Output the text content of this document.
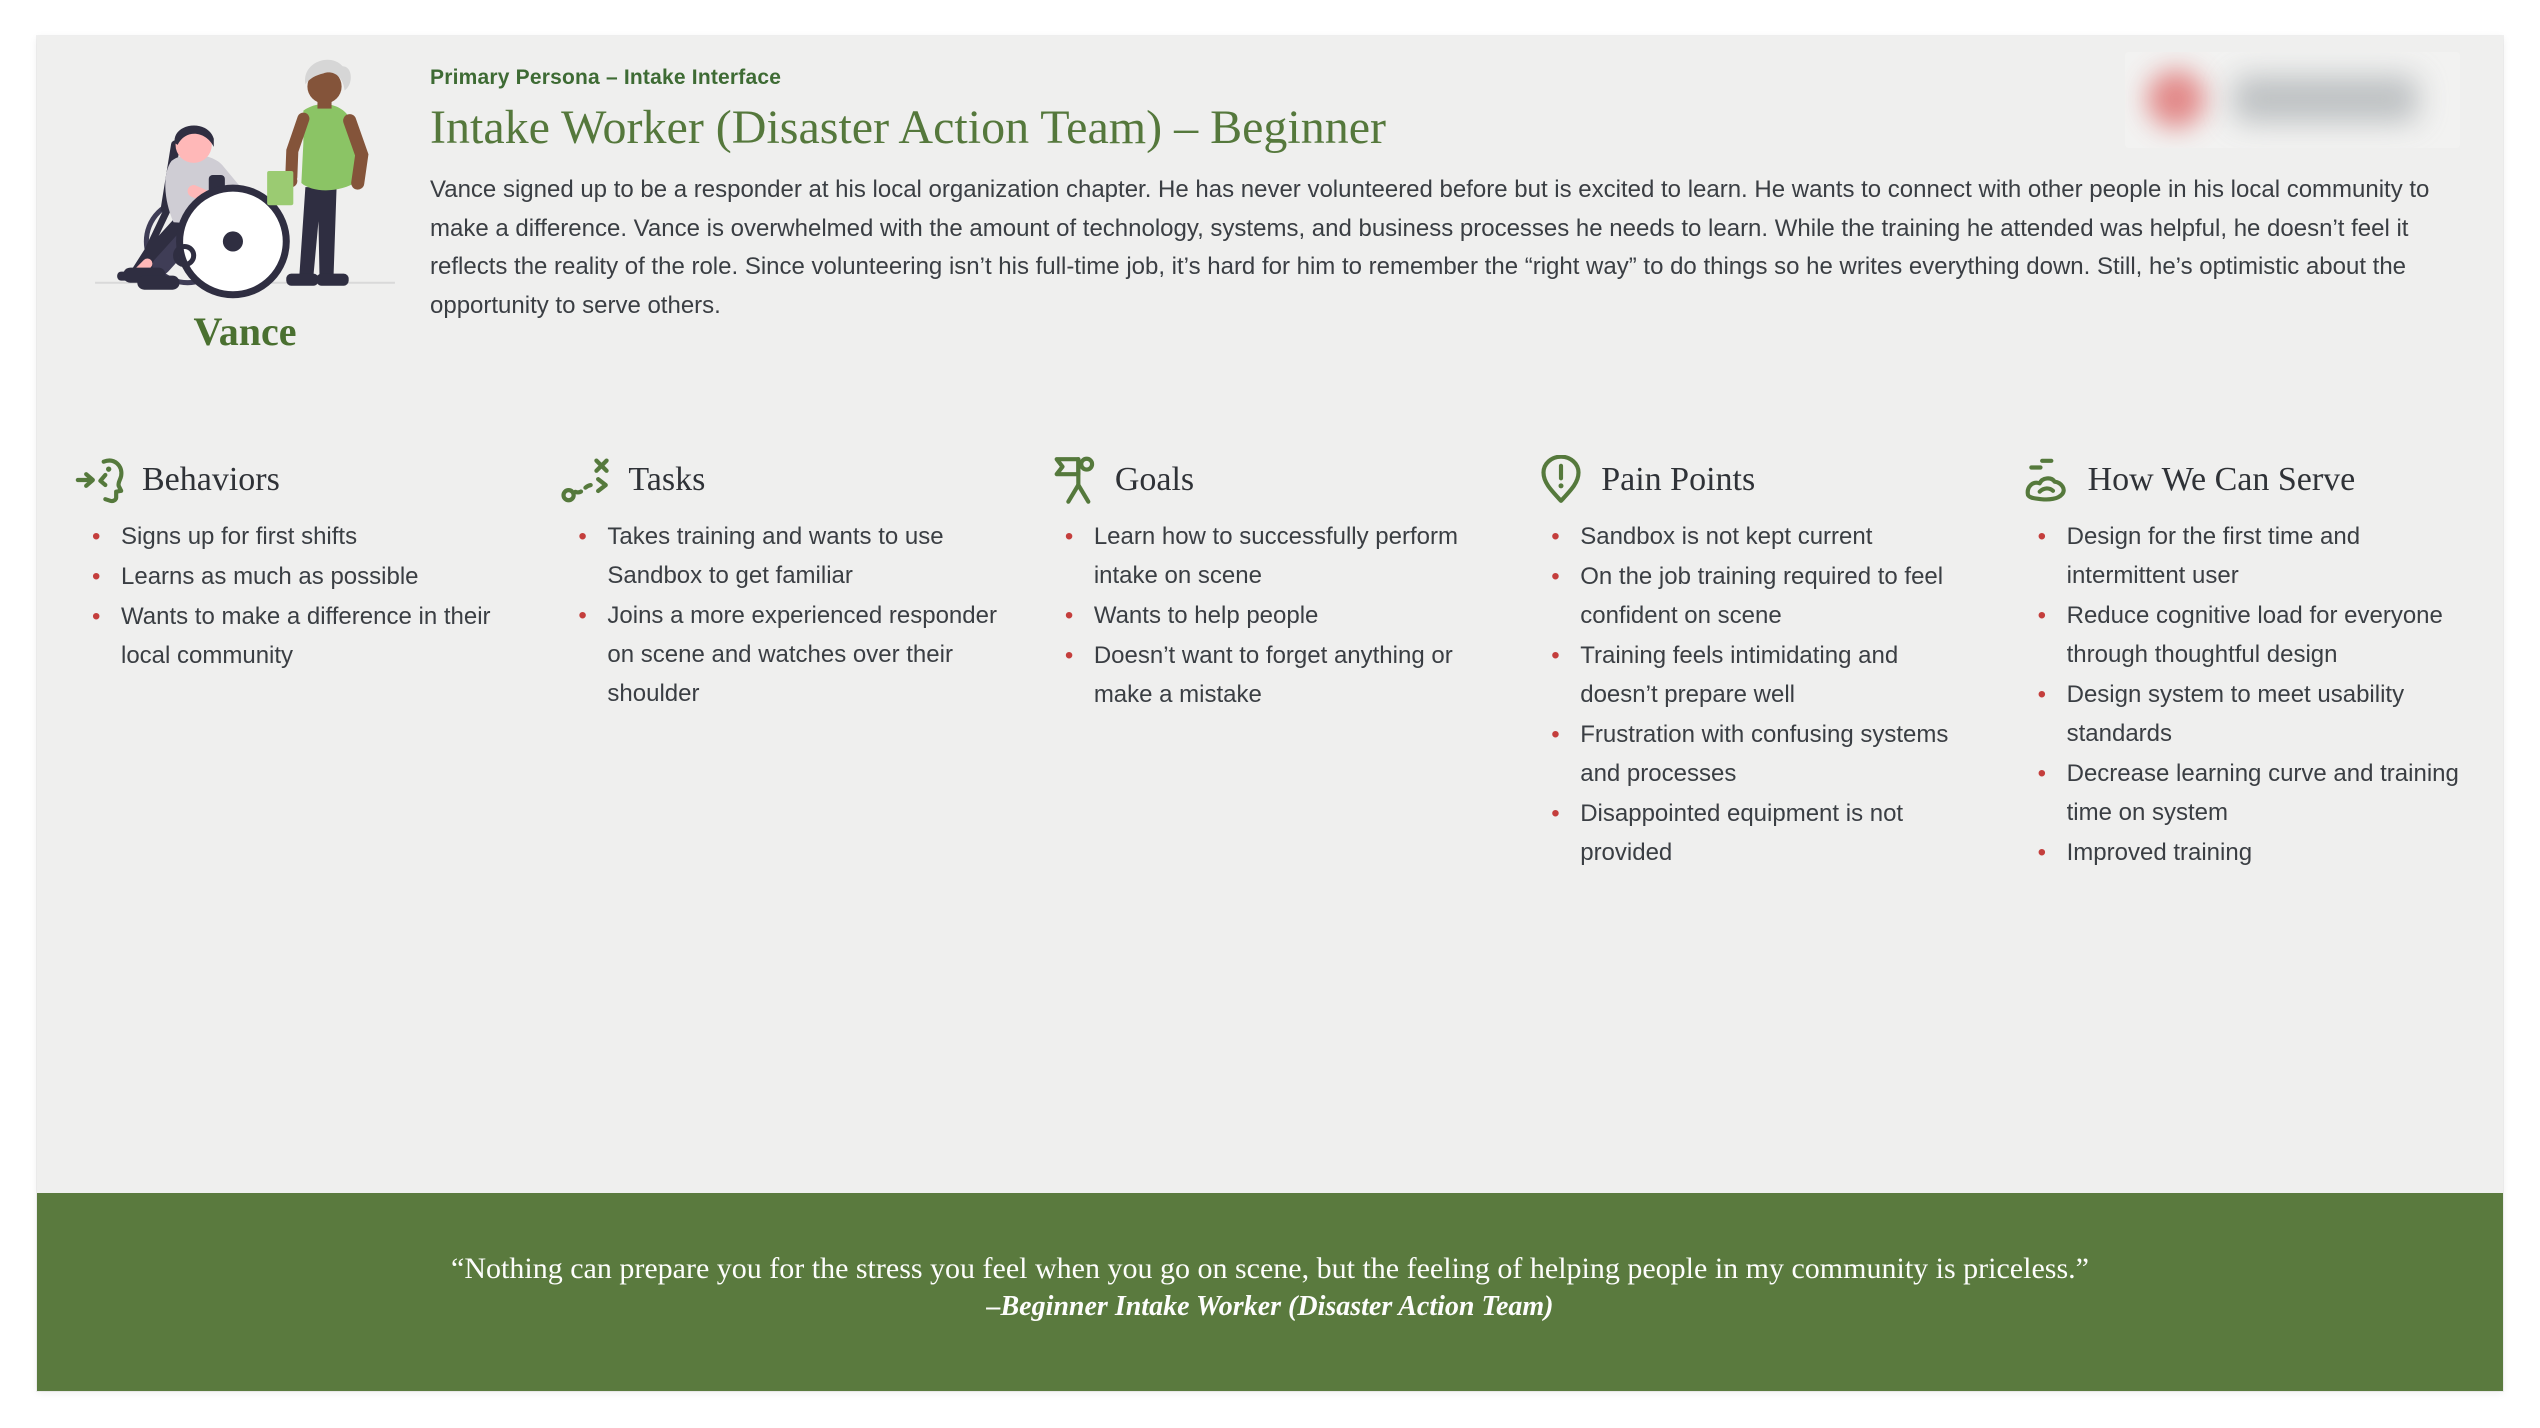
Vance
Primary Persona – Intake Interface
Intake Worker (Disaster Action Team) – Beginner

Vance signed up to be a responder at his local organization chapter. He has never volunteered before but is excited to learn. He wants to connect with other people in his local community to make a difference. Vance is overwhelmed with the amount of technology, systems, and business processes he needs to learn. While the training he attended was helpful, he doesn’t feel it reflects the reality of the role. Since volunteering isn’t his full-time job, it’s hard for him to remember the “right way” to do things so he writes everything down. Still, he’s optimistic about the opportunity to serve others.

Behaviors
• Signs up for first shifts
• Learns as much as possible
• Wants to make a difference in their local community
Tasks
• Takes training and wants to use Sandbox to get familiar
• Joins a more experienced responder on scene and watches over their shoulder
Goals
• Learn how to successfully perform intake on scene
• Wants to help people
• Doesn’t want to forget anything or make a mistake
Pain Points
• Sandbox is not kept current
• On the job training required to feel confident on scene
• Training feels intimidating and doesn’t prepare well
• Frustration with confusing systems and processes
• Disappointed equipment is not provided
How We Can Serve
• Design for the first time and intermittent user
• Reduce cognitive load for everyone through thoughtful design
• Design system to meet usability standards
• Decrease learning curve and training time on system
• Improved training

“Nothing can prepare you for the stress you feel when you go on scene, but the feeling of helping people in my community is priceless.”

–Beginner Intake Worker (Disaster Action Team)
